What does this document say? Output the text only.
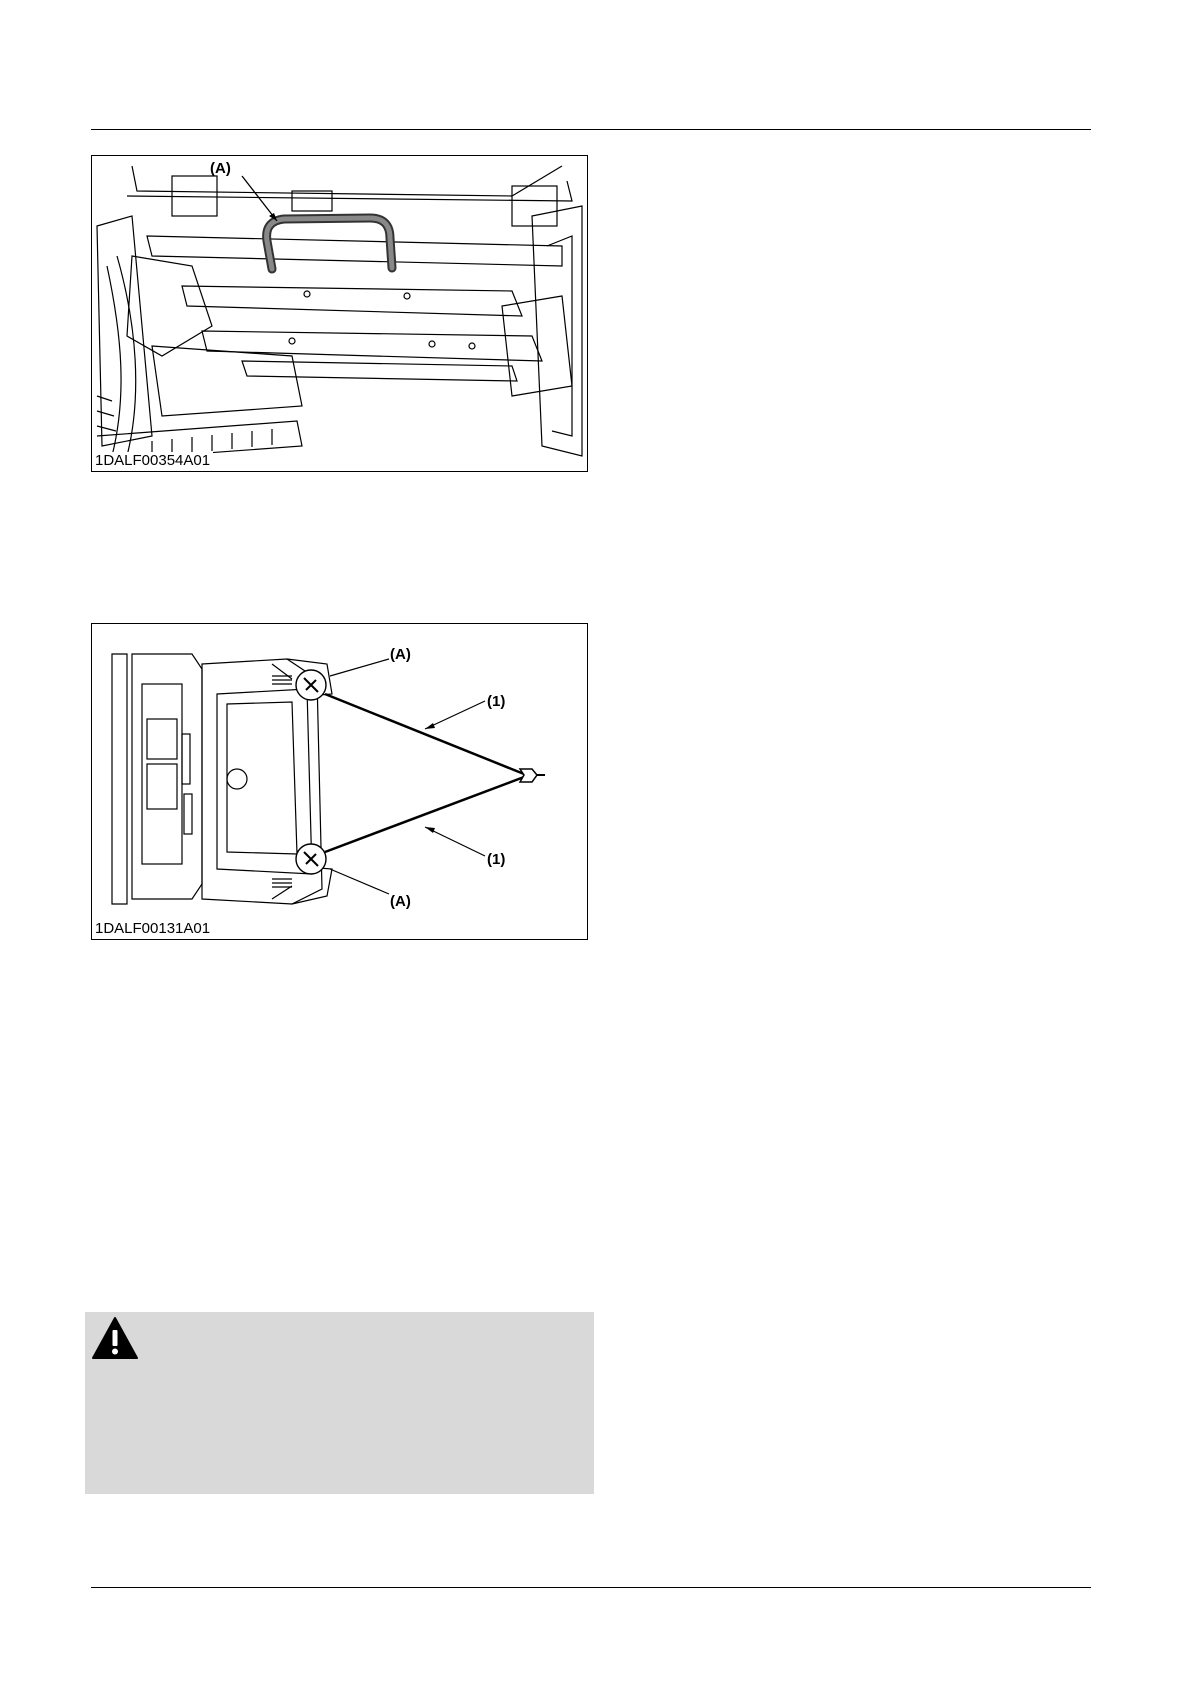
(A)
1DALF00354A01
(A)
(1)
(1)
(A)
1DALF00131A01
